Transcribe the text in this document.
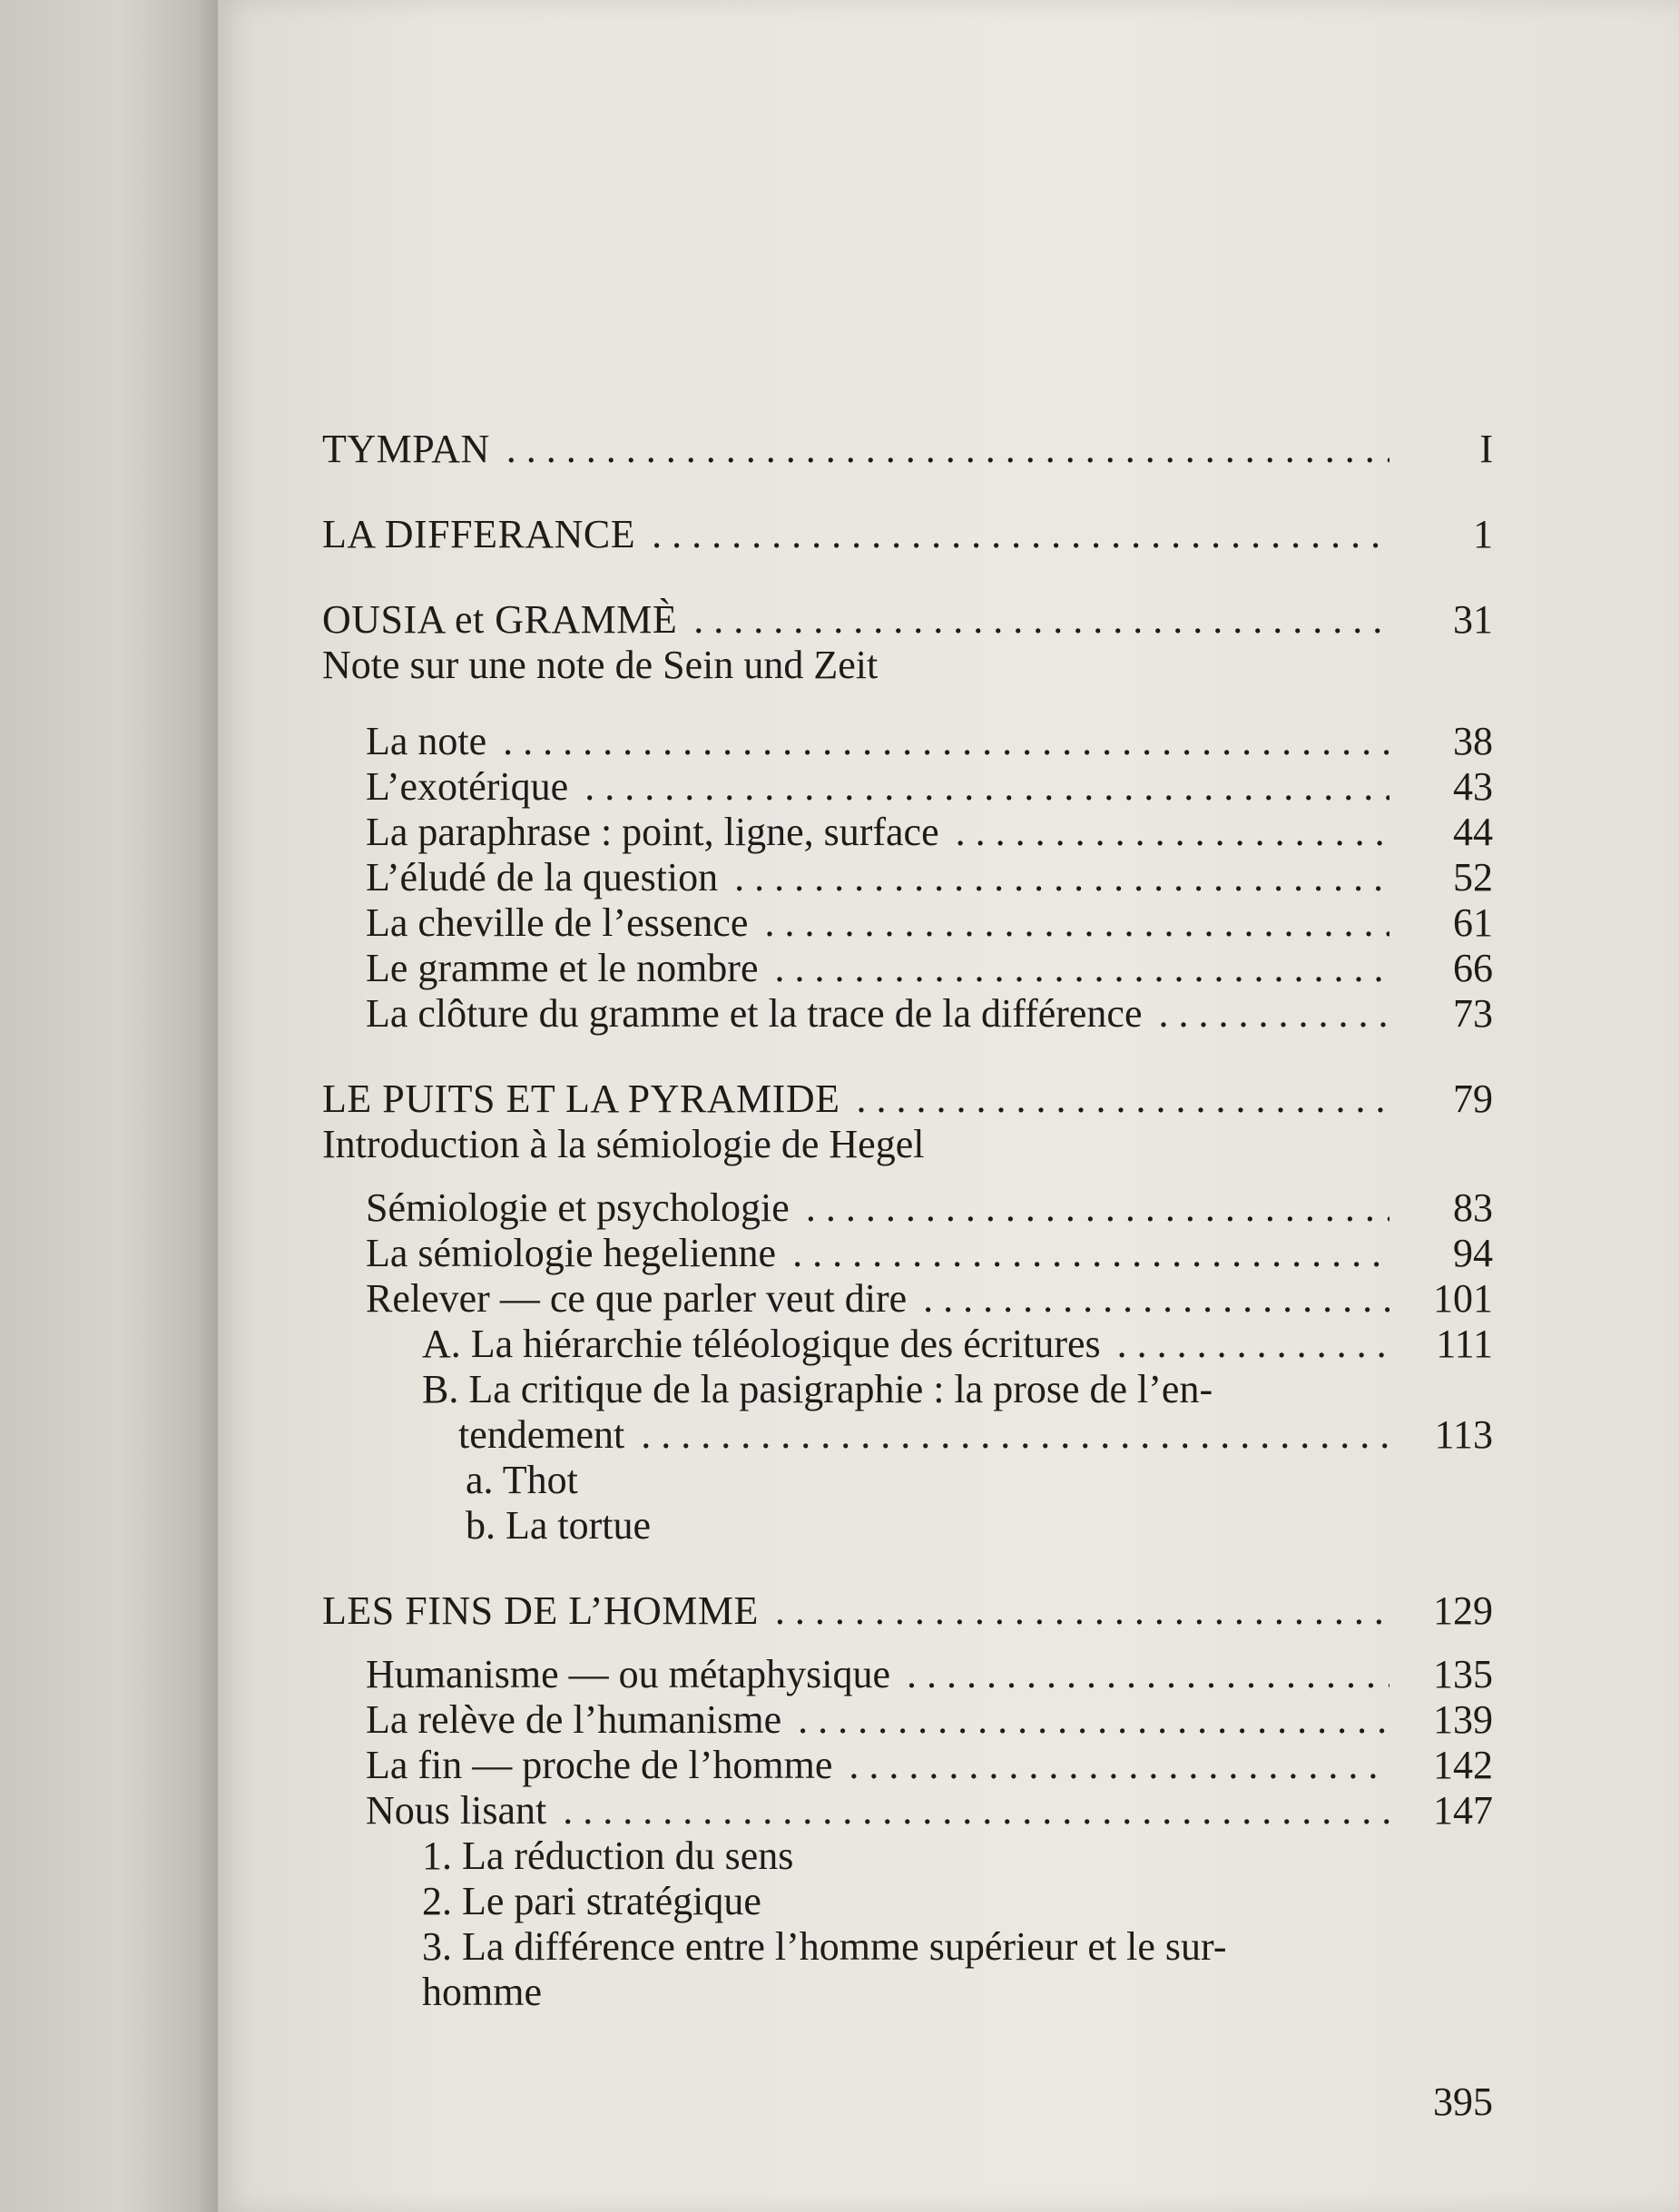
TYMPAN . . .	I
LA DIFFERANCE . . .	1
OUSIA et GRAMMÈ . . .	31
Note sur une note de Sein und Zeit
La note . . .	38
L’exotérique . . .	43
La paraphrase : point, ligne, surface . . .	44
L’éludé de la question . . .	52
La cheville de l’essence . . .	61
Le gramme et le nombre . . .	66
La clôture du gramme et la trace de la différence . . .	73
LE PUITS ET LA PYRAMIDE . . .	79
Introduction à la sémiologie de Hegel
Sémiologie et psychologie . . .	83
La sémiologie hegelienne . . .	94
Relever — ce que parler veut dire . . .	101
A. La hiérarchie téléologique des écritures . . .	111
B. La critique de la pasigraphie : la prose de l’en-
tendement . . .	113
a. Thot
b. La tortue
LES FINS DE L’HOMME . . .	129
Humanisme — ou métaphysique . . .	135
La relève de l’humanisme . . .	139
La fin — proche de l’homme . . .	142
Nous lisant . . .	147
1. La réduction du sens
2. Le pari stratégique
3. La différence entre l’homme supérieur et le sur-
homme
395
